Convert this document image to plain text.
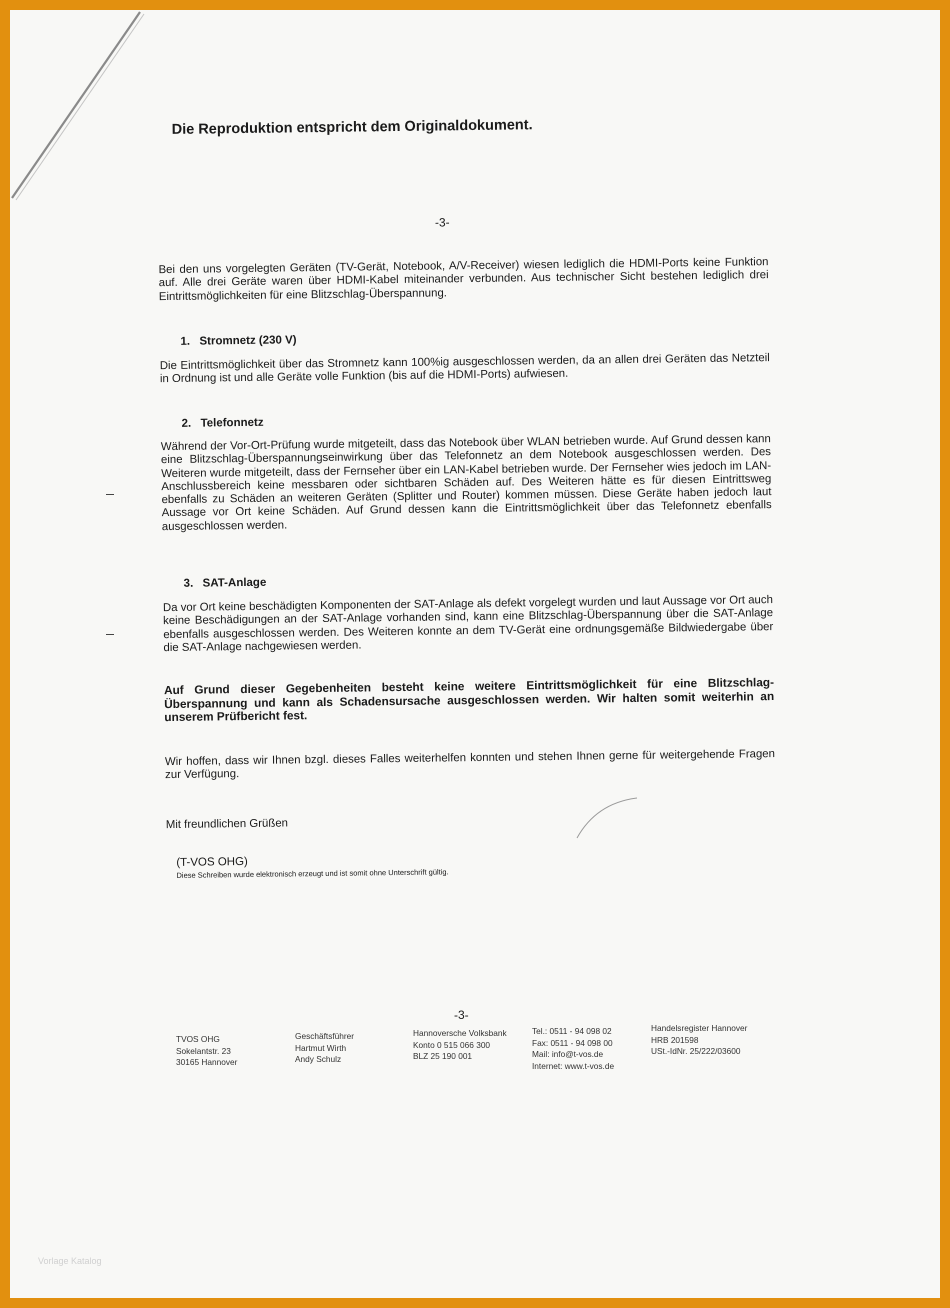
Die Reproduktion entspricht dem Originaldokument.
-3-

Bei den uns vorgelegten Geräten (TV-Gerät, Notebook, A/V-Receiver) wiesen lediglich die HDMI-Ports keine Funktion auf. Alle drei Geräte waren über HDMI-Kabel miteinander verbunden. Aus technischer Sicht bestehen lediglich drei Eintrittsmöglichkeiten für eine Blitzschlag-Überspannung.

1. Stromnetz (230 V)

Die Eintrittsmöglichkeit über das Stromnetz kann 100%ig ausgeschlossen werden, da an allen drei Geräten das Netzteil in Ordnung ist und alle Geräte volle Funktion (bis auf die HDMI-Ports) aufwiesen.

2. Telefonnetz

Während der Vor-Ort-Prüfung wurde mitgeteilt, dass das Notebook über WLAN betrieben wurde. Auf Grund dessen kann eine Blitzschlag-Überspannungseinwirkung über das Telefonnetz an dem Notebook ausgeschlossen werden. Des Weiteren wurde mitgeteilt, dass der Fernseher über ein LAN-Kabel betrieben wurde. Der Fernseher wies jedoch im LAN-Anschlussbereich keine messbaren oder sichtbaren Schäden auf. Des Weiteren hätte es für diesen Eintrittsweg ebenfalls zu Schäden an weiteren Geräten (Splitter und Router) kommen müssen. Diese Geräte haben jedoch laut Aussage vor Ort keine Schäden. Auf Grund dessen kann die Eintrittsmöglichkeit über das Telefonnetz ebenfalls ausgeschlossen werden.

3. SAT-Anlage

Da vor Ort keine beschädigten Komponenten der SAT-Anlage als defekt vorgelegt wurden und laut Aussage vor Ort auch keine Beschädigungen an der SAT-Anlage vorhanden sind, kann eine Blitzschlag-Überspannung über die SAT-Anlage ebenfalls ausgeschlossen werden. Des Weiteren konnte an dem TV-Gerät eine ordnungsgemäße Bildwiedergabe über die SAT-Anlage nachgewiesen werden.

Auf Grund dieser Gegebenheiten besteht keine weitere Eintrittsmöglichkeit für eine Blitzschlag-Überspannung und kann als Schadensursache ausgeschlossen werden. Wir halten somit weiterhin an unserem Prüfbericht fest.

Wir hoffen, dass wir Ihnen bzgl. dieses Falles weiterhelfen konnten und stehen Ihnen gerne für weitergehende Fragen zur Verfügung.

Mit freundlichen Grüßen

(T-VOS OHG)
Diese Schreiben wurde elektronisch erzeugt und ist somit ohne Unterschrift gültig.
-3-
TVOS OHG
Sokelantstr. 23
30165 Hannover
Geschäftsführer
Hartmut Wirth
Andy Schulz
Hannoversche Volksbank
Konto 0 515 066 300
BLZ 25 190 001
Tel.: 0511 - 94 098 02
Fax: 0511 - 94 098 00
Mail: info@t-vos.de
Internet: www.t-vos.de
Handelsregister Hannover
HRB 201598
USt.-IdNr. 25/222/03600
Vorlage Katalog
